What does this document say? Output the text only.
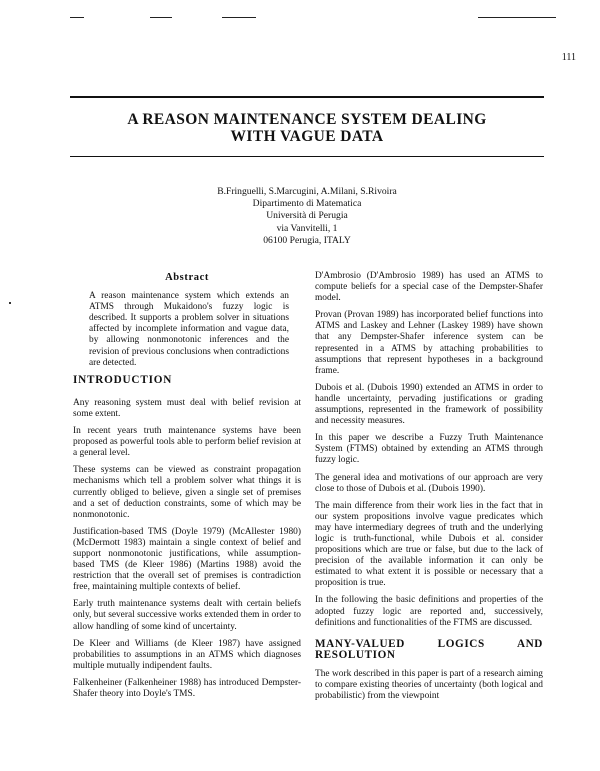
111
A REASON MAINTENANCE SYSTEM DEALING
WITH VAGUE DATA
B.Fringuelli, S.Marcugini, A.Milani, S.Rivoira
Dipartimento di Matematica
Università di Perugia
via Vanvitelli, 1
06100 Perugia, ITALY
Abstract

A reason maintenance system which extends an ATMS through Mukaidono's fuzzy logic is described. It supports a problem solver in situations affected by incomplete information and vague data, by allowing nonmonotonic inferences and the revision of previous conclusions when contradictions are detected.

INTRODUCTION

Any reasoning system must deal with belief revision at some extent.

In recent years truth maintenance systems have been proposed as powerful tools able to perform belief revision at a general level.

These systems can be viewed as constraint propagation mechanisms which tell a problem solver what things it is currently obliged to believe, given a single set of premises and a set of deduction constraints, some of which may be nonmonotonic.

Justification-based TMS (Doyle 1979) (McAllester 1980) (McDermott 1983) maintain a single context of belief and support nonmonotonic justifications, while assumption-based TMS (de Kleer 1986) (Martins 1988) avoid the restriction that the overall set of premises is contradiction free, maintaining multiple contexts of belief.

Early truth maintenance systems dealt with certain beliefs only, but several successive works extended them in order to allow handling of some kind of uncertainty.

De Kleer and Williams (de Kleer 1987) have assigned probabilities to assumptions in an ATMS which diagnoses multiple mutually indipendent faults.

Falkenheiner (Falkenheiner 1988) has introduced Dempster-Shafer theory into Doyle's TMS.

D'Ambrosio (D'Ambrosio 1989) has used an ATMS to compute beliefs for a special case of the Dempster-Shafer model.

Provan (Provan 1989) has incorporated belief functions into ATMS and Laskey and Lehner (Laskey 1989) have shown that any Dempster-Shafer inference system can be represented in a ATMS by attaching probabilities to assumptions that represent hypotheses in a background frame.

Dubois et al. (Dubois 1990) extended an ATMS in order to handle uncertainty, pervading justifications or grading assumptions, represented in the framework of possibility and necessity measures.

In this paper we describe a Fuzzy Truth Maintenance System (FTMS) obtained by extending an ATMS through fuzzy logic.

The general idea and motivations of our approach are very close to those of Dubois et al. (Dubois 1990).

The main difference from their work lies in the fact that in our system propositions involve vague predicates which may have intermediary degrees of truth and the underlying logic is truth-functional, while Dubois et al. consider propositions which are true or false, but due to the lack of precision of the available information it can only be estimated to what extent it is possible or necessary that a proposition is true.

In the following the basic definitions and properties of the adopted fuzzy logic are reported and, successively, definitions and functionalities of the FTMS are discussed.

MANY-VALUED LOGICS AND RESOLUTION

The work described in this paper is part of a research aiming to compare existing theories of uncertainty (both logical and probabilistic) from the viewpoint
